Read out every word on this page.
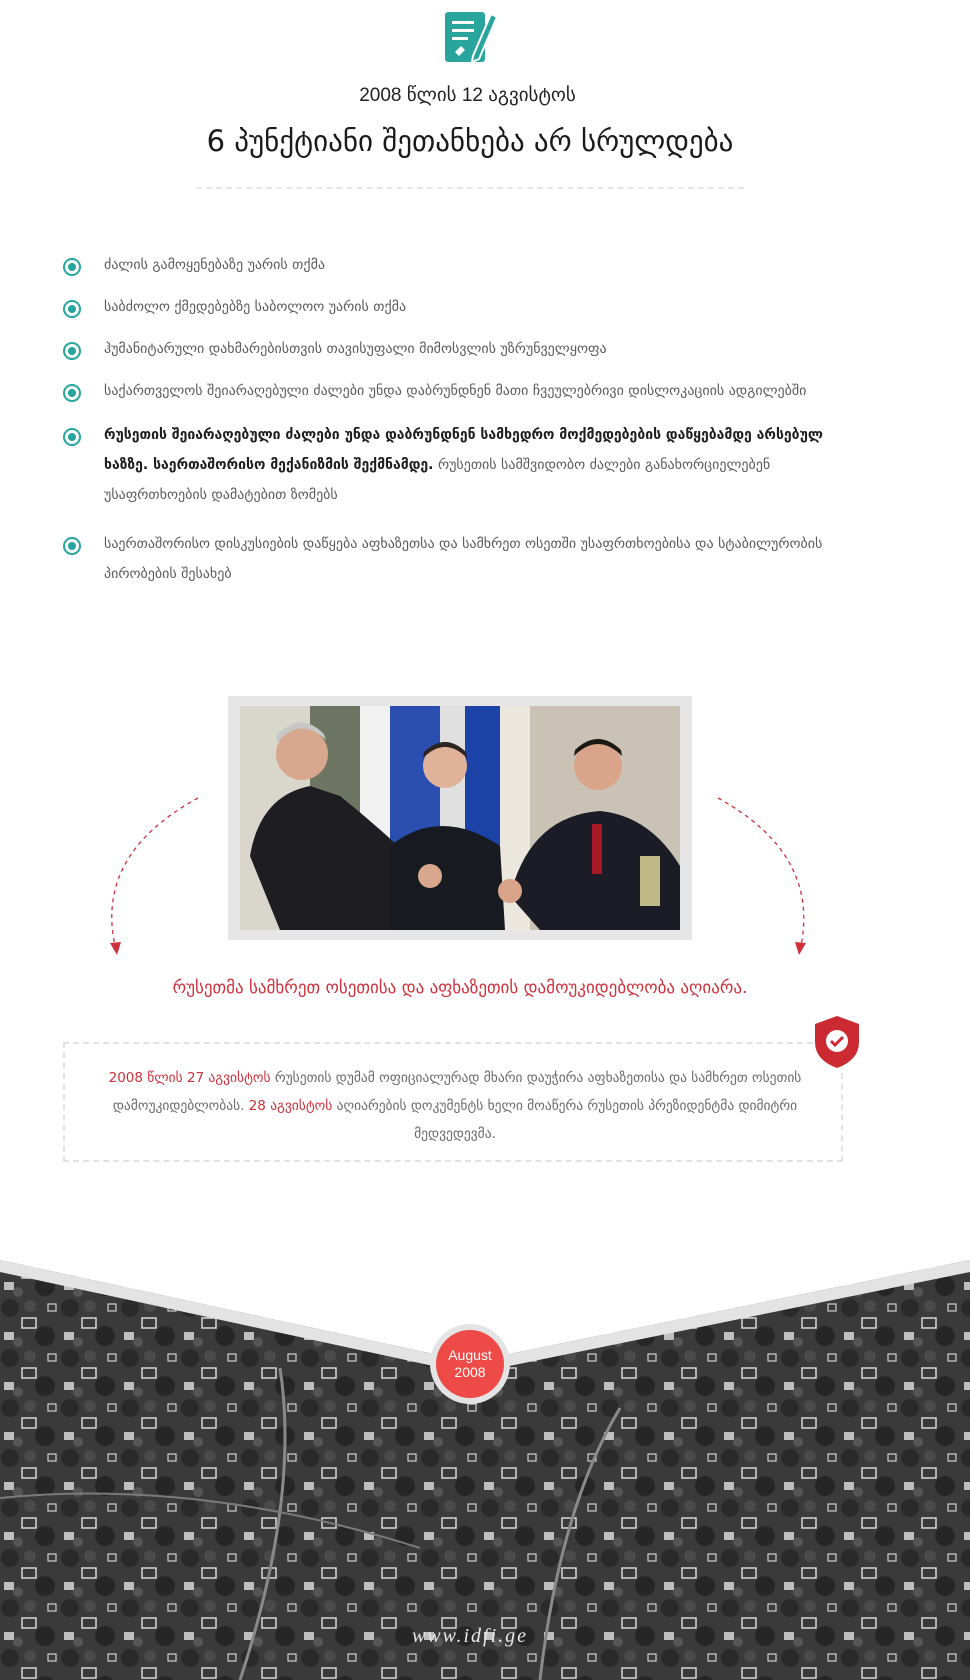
2008 წლის 12 აგვისტოს
6 პუნქტიანი შეთანხება არ სრულდება
ძალის გამოყენებაზე უარის თქმა
საბძოლო ქმედებებზე საბოლოო უარის თქმა
ჰუმანიტარული დახმარებისთვის თავისუფალი მიმოსვლის უზრუნველყოფა
საქართველოს შეიარაღებული ძალები უნდა დაბრუნდნენ მათი ჩვეულებრივი დისლოკაციის ადგილებში
რუსეთის შეიარაღებული ძალები უნდა დაბრუნდნენ სამხედრო მოქმედებების დაწყებამდე არსებულ ხაზზე. საერთაშორისო მექანიზმის შექმნამდე. რუსეთის სამშვიდობო ძალები განახორციელებენ უსაფრთხოების დამატებით ზომებს
საერთაშორისო დისკუსიების დაწყება აფხაზეთსა და სამხრეთ ოსეთში უსაფრთხოებისა და სტაბილურობის პირობების შესახებ
რუსეთმა სამხრეთ ოსეთისა და აფხაზეთის დამოუკიდებლობა აღიარა.
2008 წლის 27 აგვისტოს რუსეთის დუმამ ოფიციალურად მხარი დაუჭირა აფხაზეთისა და სამხრეთ ოსეთის დამოუკიდებლობას. 28 აგვისტოს აღიარების დოკუმენტს ხელი მოაწერა რუსეთის პრეზიდენტმა დიმიტრი მედვედევმა.
August
2008
www.idfi.ge
